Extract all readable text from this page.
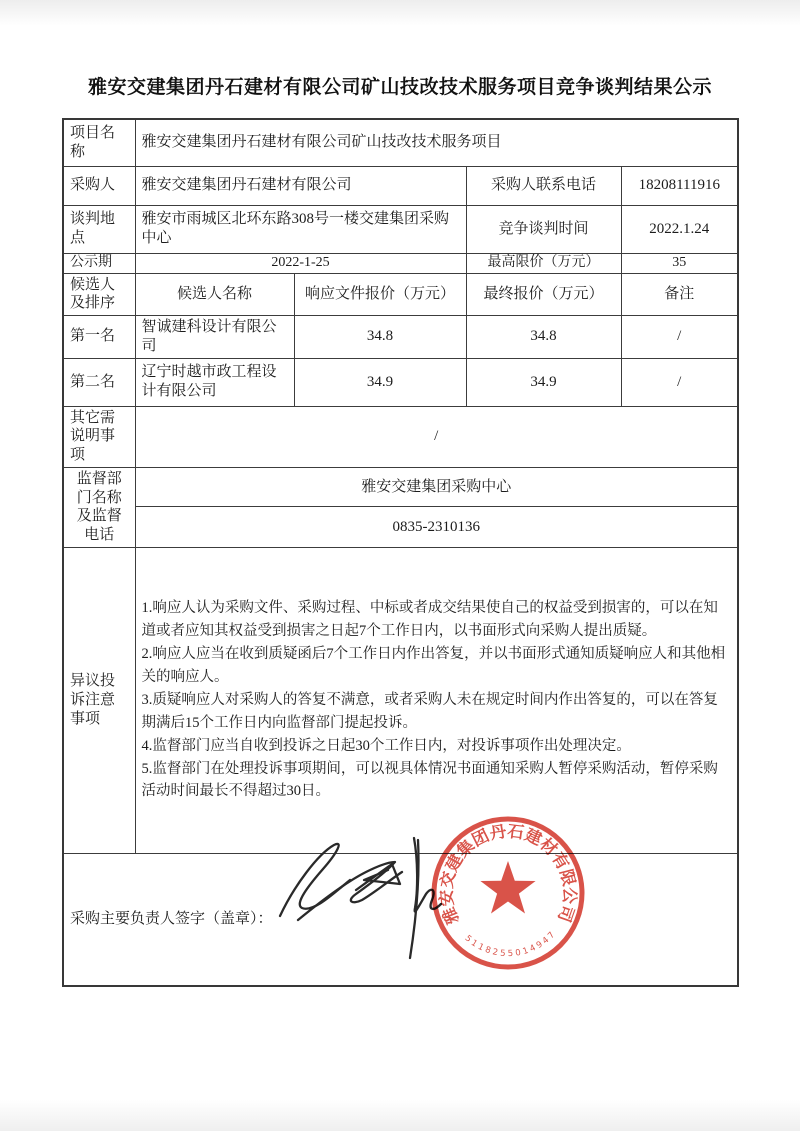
雅安交建集团丹石建材有限公司矿山技改技术服务项目竞争谈判结果公示
项目名称	雅安交建集团丹石建材有限公司矿山技改技术服务项目			
采购人	雅安交建集团丹石建材有限公司		采购人联系电话	18208111916
谈判地点	雅安市雨城区北环东路308号一楼交建集团采购中心		竞争谈判时间	2022.1.24
公示期	2022-1-25		最高限价（万元）	35
候选人及排序	候选人名称	响应文件报价（万元）	最终报价（万元）	备注
第一名	智诚建科设计有限公司	34.8	34.8	/
第二名	辽宁时越市政工程设计有限公司	34.9	34.9	/
其它需说明事项	/			
监督部门名称及监督电话	雅安交建集团采购中心			
	0835-2310136			
异议投诉注意事项	1.响应人认为采购文件、采购过程、中标或者成交结果使自己的权益受到损害的，可以在知道或者应知其权益受到损害之日起7个工作日内，以书面形式向采购人提出质疑。

2.响应人应当在收到质疑函后7个工作日内作出答复，并以书面形式通知质疑响应人和其他相关的响应人。

3.质疑响应人对采购人的答复不满意，或者采购人未在规定时间内作出答复的，可以在答复期满后15个工作日内向监督部门提起投诉。

4.监督部门应当自收到投诉之日起30个工作日内，对投诉事项作出处理决定。

5.监督部门在处理投诉事项期间，可以视具体情况书面通知采购人暂停采购活动，暂停采购活动时间最长不得超过30日。			

采购主要负责人签字（盖章）：					雅安交建集团丹石建材有限公司
5118255014947
